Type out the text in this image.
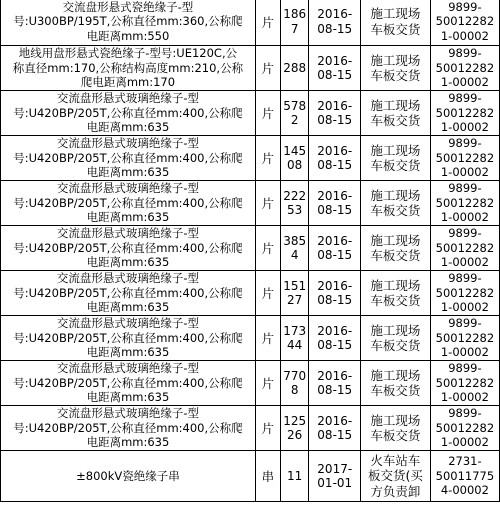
交流盘形悬式瓷绝缘子-型
号:U300BP/195T,公称直径mm:360,公称爬
电距离mm:550	片	186
7	2016-
08-15	施工现场
车板交货	9899-
50012282
1-00002

地线用盘形悬式瓷绝缘子-型号:UE120C,公
称直径mm:170,公称结构高度mm:210,公称
爬电距离mm:170	片	288	2016-
08-15	施工现场
车板交货	9899-
50012282
1-00002

交流盘形悬式玻璃绝缘子-型
号:U420BP/205T,公称直径mm:400,公称爬
电距离mm:635	片	578
2	2016-
08-15	施工现场
车板交货	9899-
50012282
1-00002

交流盘形悬式玻璃绝缘子-型
号:U420BP/205T,公称直径mm:400,公称爬
电距离mm:635	片	145
08	2016-
08-15	施工现场
车板交货	9899-
50012282
1-00002

交流盘形悬式玻璃绝缘子-型
号:U420BP/205T,公称直径mm:400,公称爬
电距离mm:635	片	222
53	2016-
08-15	施工现场
车板交货	9899-
50012282
1-00002

交流盘形悬式玻璃绝缘子-型
号:U420BP/205T,公称直径mm:400,公称爬
电距离mm:635	片	385
4	2016-
08-15	施工现场
车板交货	9899-
50012282
1-00002

交流盘形悬式玻璃绝缘子-型
号:U420BP/205T,公称直径mm:400,公称爬
电距离mm:635	片	151
27	2016-
08-15	施工现场
车板交货	9899-
50012282
1-00002

交流盘形悬式玻璃绝缘子-型
号:U420BP/205T,公称直径mm:400,公称爬
电距离mm:635	片	173
44	2016-
08-15	施工现场
车板交货	9899-
50012282
1-00002

交流盘形悬式玻璃绝缘子-型
号:U420BP/205T,公称直径mm:400,公称爬
电距离mm:635	片	770
8	2016-
08-15	施工现场
车板交货	9899-
50012282
1-00002

交流盘形悬式玻璃绝缘子-型
号:U420BP/205T,公称直径mm:400,公称爬
电距离mm:635	片	125
26	2016-
08-15	施工现场
车板交货	9899-
50012282
1-00002

±800kV瓷绝缘子串	串	11	2017-
01-01	火车站车
板交货(买
方负责卸	2731-
50011775
4-00002
